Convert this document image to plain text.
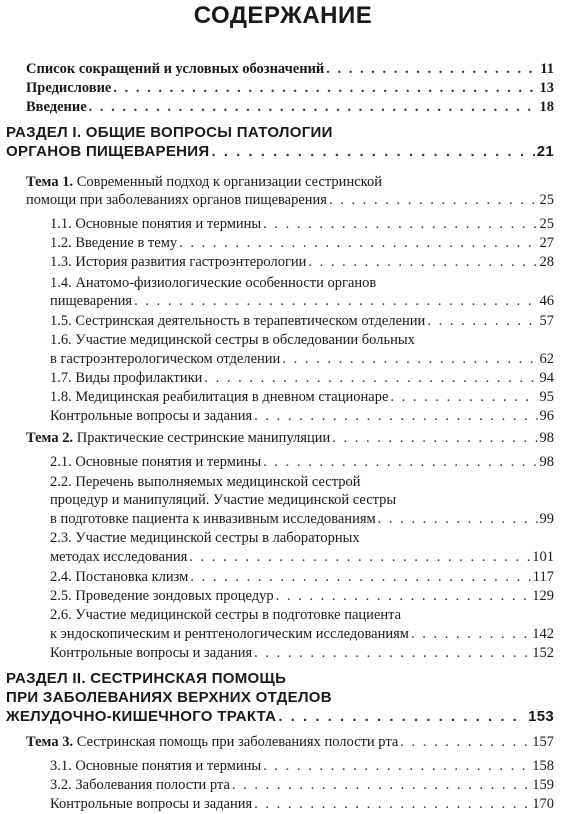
СОДЕРЖАНИЕ
Список сокращений и условных обозначений . . .	11
Предисловие . . .	13
Введение . . .	18
РАЗДЕЛ I. ОБЩИЕ ВОПРОСЫ ПАТОЛОГИИ
ОРГАНОВ ПИЩЕВАРЕНИЯ . . .	21
Тема 1. Современный подход к организации сестринской
помощи при заболеваниях органов пищеварения . . .	25
1.1. Основные понятия и термины . . .	25
1.2. Введение в тему . . .	27
1.3. История развития гастроэнтерологии . . .	28
1.4. Анатомо-физиологические особенности органов
пищеварения . . .	46
1.5. Сестринская деятельность в терапевтическом отделении . . .	57
1.6. Участие медицинской сестры в обследовании больных
в гастроэнтерологическом отделении . . .	62
1.7. Виды профилактики . . .	94
1.8. Медицинская реабилитация в дневном стационаре . . .	95
Контрольные вопросы и задания . . .	96
Тема 2. Практические сестринские манипуляции . . .	98
2.1. Основные понятия и термины . . .	98
2.2. Перечень выполняемых медицинской сестрой
процедур и манипуляций. Участие медицинской сестры
в подготовке пациента к инвазивным исследованиям . . .	99
2.3. Участие медицинской сестры в лабораторных
методах исследования . . .	101
2.4. Постановка клизм . . .	117
2.5. Проведение зондовых процедур . . .	129
2.6. Участие медицинской сестры в подготовке пациента
к эндоскопическим и рентгенологическим исследованиям . . .	142
Контрольные вопросы и задания . . .	152
РАЗДЕЛ II. СЕСТРИНСКАЯ ПОМОЩЬ
ПРИ ЗАБОЛЕВАНИЯХ ВЕРХНИХ ОТДЕЛОВ
ЖЕЛУДОЧНО-КИШЕЧНОГО ТРАКТА . . .	153
Тема 3. Сестринская помощь при заболеваниях полости рта . . .	157
3.1. Основные понятия и термины . . .	158
3.2. Заболевания полости рта . . .	159
Контрольные вопросы и задания . . .	170
